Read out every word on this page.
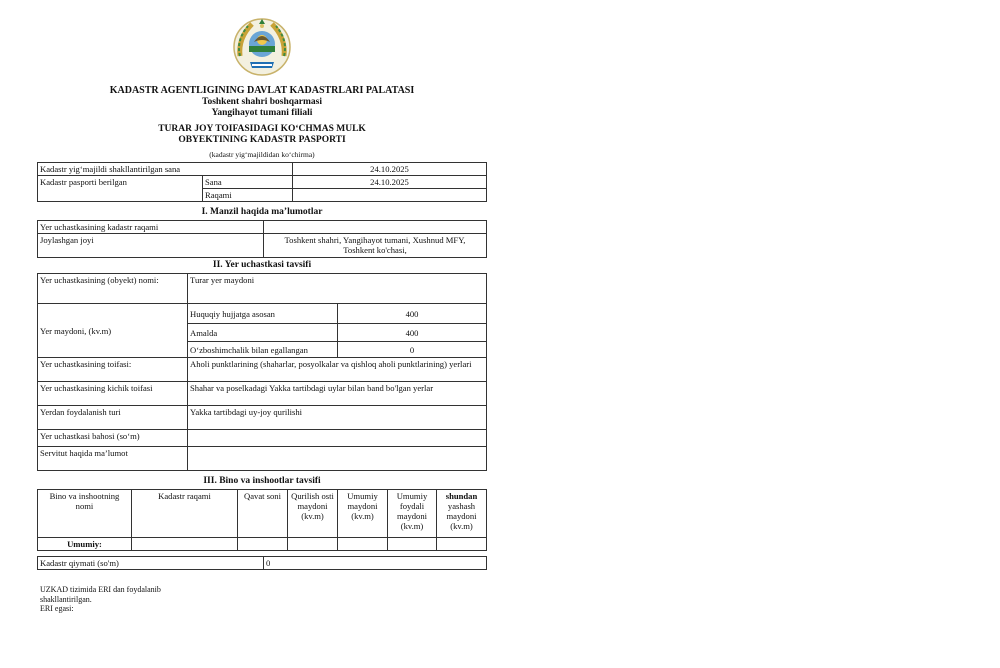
KADASTR AGENTLIGINING DAVLAT KADASTRLARI PALATASI
Toshkent shahri boshqarmasi
Yangihayot tumani filiali
TURAR JOY TOIFASIDAGI KO‘CHMAS MULK
OBYEKTINING KADASTR PASPORTI
(kadastr yig‘majildidan ko‘chirma)
Kadastr yig‘majildi shakllantirilgan sana		24.10.2025
Kadastr pasporti berilgan	Sana	24.10.2025
	Raqami	
I. Manzil haqida ma’lumotlar
Yer uchastkasining kadastr raqami	
Joylashgan joyi	Toshkent shahri, Yangihayot tumani, Xushnud MFY,
Toshkent ko'chasi,
II. Yer uchastkasi tavsifi
Yer uchastkasining (obyekt) nomi:	Turar yer maydoni	
Yer maydoni, (kv.m)	Huquqiy hujjatga asosan	400
	Amalda	400
	O‘zboshimchalik bilan egallangan	0
Yer uchastkasining toifasi:	Aholi punktlarining (shaharlar, posyolkalar va qishloq aholi punktlarining) yerlari	
Yer uchastkasining kichik toifasi	Shahar va poselkadagi Yakka tartibdagi uylar bilan band bo'lgan yerlar	
Yerdan foydalanish turi	Yakka tartibdagi uy-joy qurilishi	
Yer uchastkasi bahosi (so‘m)		
Servitut haqida ma’lumot		
III. Bino va inshootlar tavsifi
Bino va inshootning nomi	Kadastr raqami	Qavat soni	Qurilish osti maydoni (kv.m)	Umumiy maydoni (kv.m)	Umumiy foydali maydoni (kv.m)	shundan
yashash maydoni (kv.m)

Umumiy:						
Kadastr qiymati (so'm)	0
UZKAD tizimida ERI dan foydalanib
shakllantirilgan.
ERI egasi:
